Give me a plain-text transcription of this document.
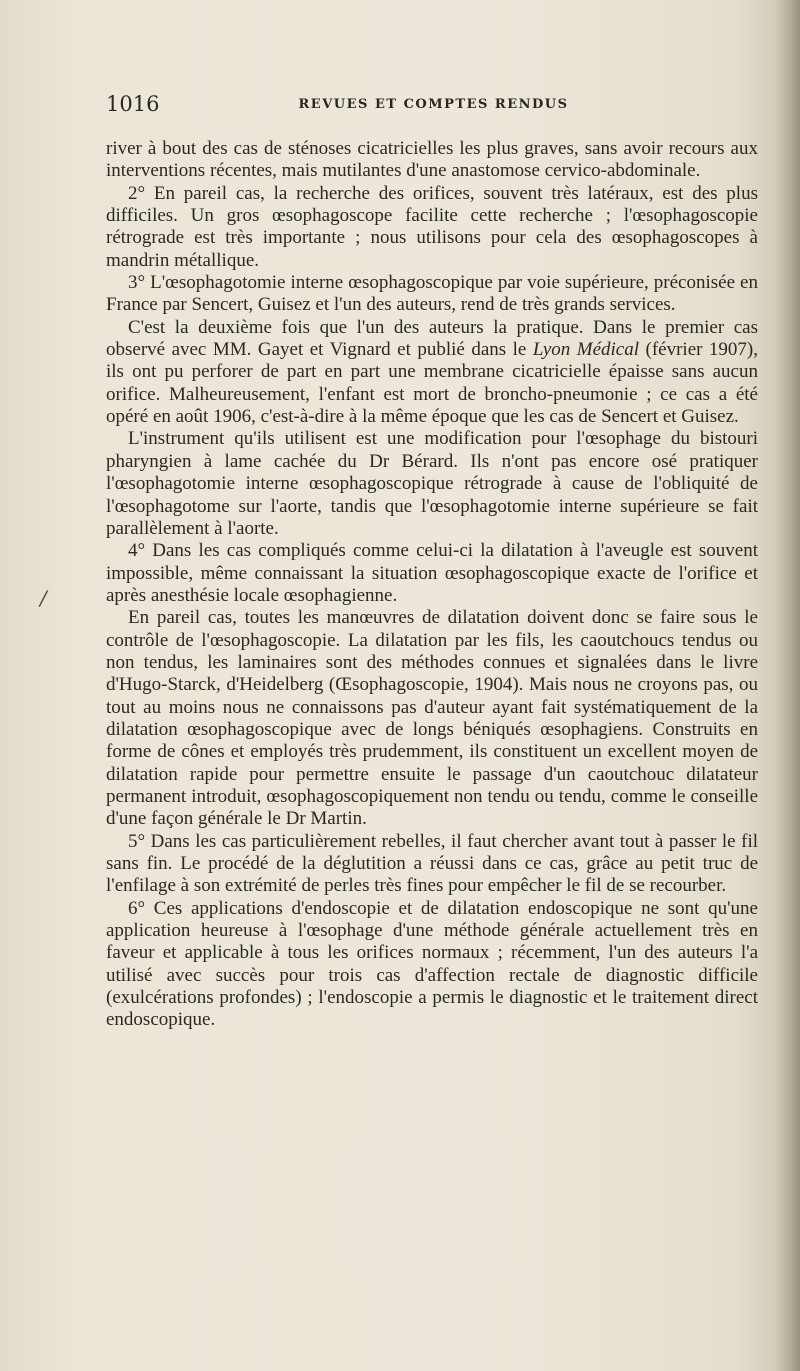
1016	REVUES ET COMPTES RENDUS
/

river à bout des cas de sténoses cicatricielles les plus graves, sans avoir recours aux interventions récentes, mais mutilantes d'une anastomose cervico-abdominale.

2° En pareil cas, la recherche des orifices, souvent très latéraux, est des plus difficiles. Un gros œsophagoscope facilite cette recherche ; l'œsophagoscopie rétrograde est très importante ; nous utilisons pour cela des œsophagoscopes à mandrin métallique.

3° L'œsophagotomie interne œsophagoscopique par voie supérieure, préconisée en France par Sencert, Guisez et l'un des auteurs, rend de très grands services.

C'est la deuxième fois que l'un des auteurs la pratique. Dans le premier cas observé avec MM. Gayet et Vignard et publié dans le Lyon Médical (février 1907), ils ont pu perforer de part en part une membrane cicatricielle épaisse sans aucun orifice. Malheureusement, l'enfant est mort de broncho-pneumonie ; ce cas a été opéré en août 1906, c'est-à-dire à la même époque que les cas de Sencert et Guisez.

L'instrument qu'ils utilisent est une modification pour l'œsophage du bistouri pharyngien à lame cachée du Dr Bérard. Ils n'ont pas encore osé pratiquer l'œsophagotomie interne œsophagoscopique rétrograde à cause de l'obliquité de l'œsophagotome sur l'aorte, tandis que l'œsophagotomie interne supérieure se fait parallèlement à l'aorte.

4° Dans les cas compliqués comme celui-ci la dilatation à l'aveugle est souvent impossible, même connaissant la situation œsophagoscopique exacte de l'orifice et après anesthésie locale œsophagienne.

En pareil cas, toutes les manœuvres de dilatation doivent donc se faire sous le contrôle de l'œsophagoscopie. La dilatation par les fils, les caoutchoucs tendus ou non tendus, les laminaires sont des méthodes connues et signalées dans le livre d'Hugo-Starck, d'Heidelberg (Œsophagoscopie, 1904). Mais nous ne croyons pas, ou tout au moins nous ne connaissons pas d'auteur ayant fait systématiquement de la dilatation œsophagoscopique avec de longs béniqués œsophagiens. Construits en forme de cônes et employés très prudemment, ils constituent un excellent moyen de dilatation rapide pour permettre ensuite le passage d'un caoutchouc dilatateur permanent introduit, œsophagoscopiquement non tendu ou tendu, comme le conseille d'une façon générale le Dr Martin.

5° Dans les cas particulièrement rebelles, il faut chercher avant tout à passer le fil sans fin. Le procédé de la déglutition a réussi dans ce cas, grâce au petit truc de l'enfilage à son extrémité de perles très fines pour empêcher le fil de se recourber.

6° Ces applications d'endoscopie et de dilatation endoscopique ne sont qu'une application heureuse à l'œsophage d'une méthode générale actuellement très en faveur et applicable à tous les orifices normaux ; récemment, l'un des auteurs l'a utilisé avec succès pour trois cas d'affection rectale de diagnostic difficile (exulcérations profondes) ; l'endoscopie a permis le diagnostic et le traitement direct endoscopique.
